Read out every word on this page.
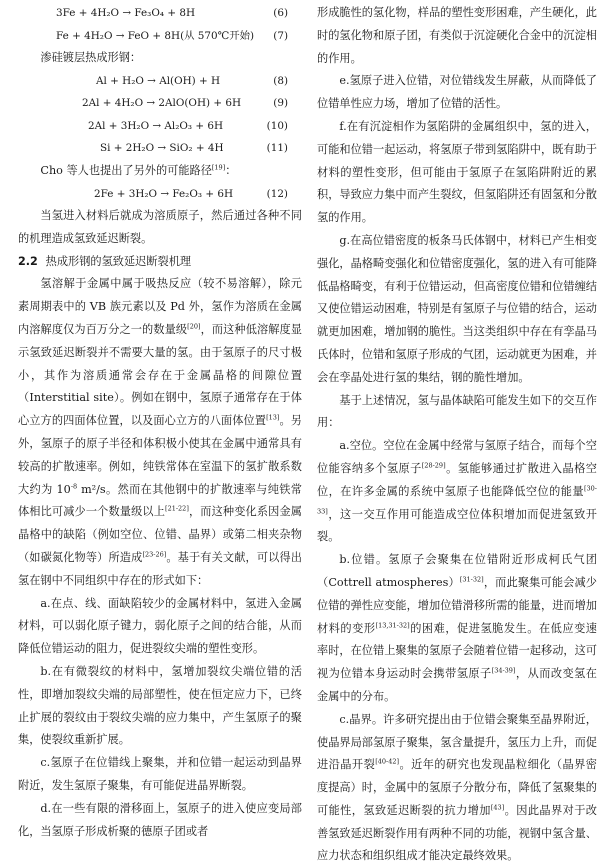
3Fe + 4H₂O → Fe₃O₄ + 8H	(6)
Fe + 4H₂O → FeO + 8H(从 570℃开始) (7)

渗硅镀层热成形钢：

Al + H₂O → Al(OH) + H	(8)
2Al + 4H₂O → 2AlO(OH) + 6H	(9)
2Al + 3H₂O → Al₂O₃ + 6H	(10)
Si + 2H₂O → SiO₂ + 4H	(11)

Cho 等人也提出了另外的可能路径[19]：

2Fe + 3H₂O → Fe₂O₃ + 6H	(12)

当氢进入材料后就成为溶质原子，然后通过各种不同的机理造成氢致延迟断裂。

2.2 热成形钢的氢致延迟断裂机理

氢溶解于金属中属于吸热反应（较不易溶解），除元素周期表中的 VB 族元素以及 Pd 外，氢作为溶质在金属内溶解度仅为百万分之一的数量级[20]，而这种低溶解度显示氢致延迟断裂并不需要大量的氢。由于氢原子的尺寸极小，其作为溶质通常会存在于金属晶格的间隙位置（Interstitial site）。例如在钢中，氢原子通常存在于体心立方的四面体位置，以及面心立方的八面体位置[13]。另外，氢原子的原子半径和体积极小使其在金属中通常具有较高的扩散速率。例如，纯铁常体在室温下的氢扩散系数大约为 $10^{-8}$ m²/s。然而在其他钢中的扩散速率与纯铁常体相比可减少一个数量级以上[21-22]，而这种变化系因金属晶格中的缺陷（例如空位、位错、晶界）或第二相夹杂物（如碳氮化物等）所造成[23-26]。基于有关文献，可以得出氢在钢中不同组织中存在的形式如下：

a.在点、线、面缺陷较少的金属材料中，氢进入金属材料，可以弱化原子键力，弱化原子之间的结合能，从而降低位错运动的阻力，促进裂纹尖端的塑性变形。

b.在有微裂纹的材料中，氢增加裂纹尖端位错的活性，即增加裂纹尖端的局部塑性，使在恒定应力下，已终止扩展的裂纹由于裂纹尖端的应力集中，产生氢原子的聚集，使裂纹重新扩展。

c.氢原子在位错线上聚集，并和位错一起运动到晶界附近，发生氢原子聚集，有可能促进晶界断裂。

d.在一些有限的滑移面上，氢原子的进入使应变局部化，当氢原子形成析聚的德原子团或者

形成脆性的氢化物，样品的塑性变形困难，产生硬化，此时的氢化物和原子团，有类似于沉淀硬化合金中的沉淀相的作用。

e.氢原子进入位错，对位错线发生屏蔽，从而降低了位错单性应力场，增加了位错的活性。

f.在有沉淀相作为氢陷阱的金属组织中，氢的进入，可能和位错一起运动，将氢原子带到氢陷阱中，既有助于材料的塑性变形，但可能由于氢原子在氢陷阱附近的累积，导致应力集中而产生裂纹，但氢陷阱还有固氢和分散氢的作用。

g.在高位错密度的板条马氏体钢中，材料已产生相变强化，晶格畸变强化和位错密度强化，氢的进入有可能降低晶格畸变，有利于位错运动，但高密度位错和位错缠结又使位错运动困难，特别是有氢原子与位错的结合，运动就更加困难，增加钢的脆性。当这类组织中存在有孪晶马氏体时，位错和氢原子形成的气团，运动就更为困难，并会在孪晶处进行氢的集结，钢的脆性增加。

基于上述情况，氢与晶体缺陷可能发生如下的交互作用：

a.空位。空位在金属中经常与氢原子结合，而每个空位能容纳多个氢原子[28-29]。氢能够通过扩散进入晶格空位，在许多金属的系统中氢原子也能降低空位的能量[30-33]，这一交互作用可能造成空位体积增加而促进氢致开裂。

b.位错。氢原子会聚集在位错附近形成柯氏气团（Cottrell atmospheres）[31-32]，而此聚集可能会减少位错的弹性应变能，增加位错滑移所需的能量，进而增加材料的变形[13,31-32]的困难，促进氢脆发生。在低应变速率时，在位错上聚集的氢原子会随着位错一起移动，这可视为位错本身运动时会携带氢原子[34-39]，从而改变氢在金属中的分布。

c.晶界。许多研究提出由于位错会聚集至晶界附近，使晶界局部氢原子聚集，氢含量提升，氢压力上升，而促进沿晶开裂[40-42]。近年的研究也发现晶粒细化（晶界密度提高）时，金属中的氢原子分散分布，降低了氢聚集的可能性，氢致延迟断裂的抗力增加[43]。因此晶界对于改善氢致延迟断裂作用有两种不同的功能，视钢中氢含量、应力状态和组织组成才能决定最终效果。
